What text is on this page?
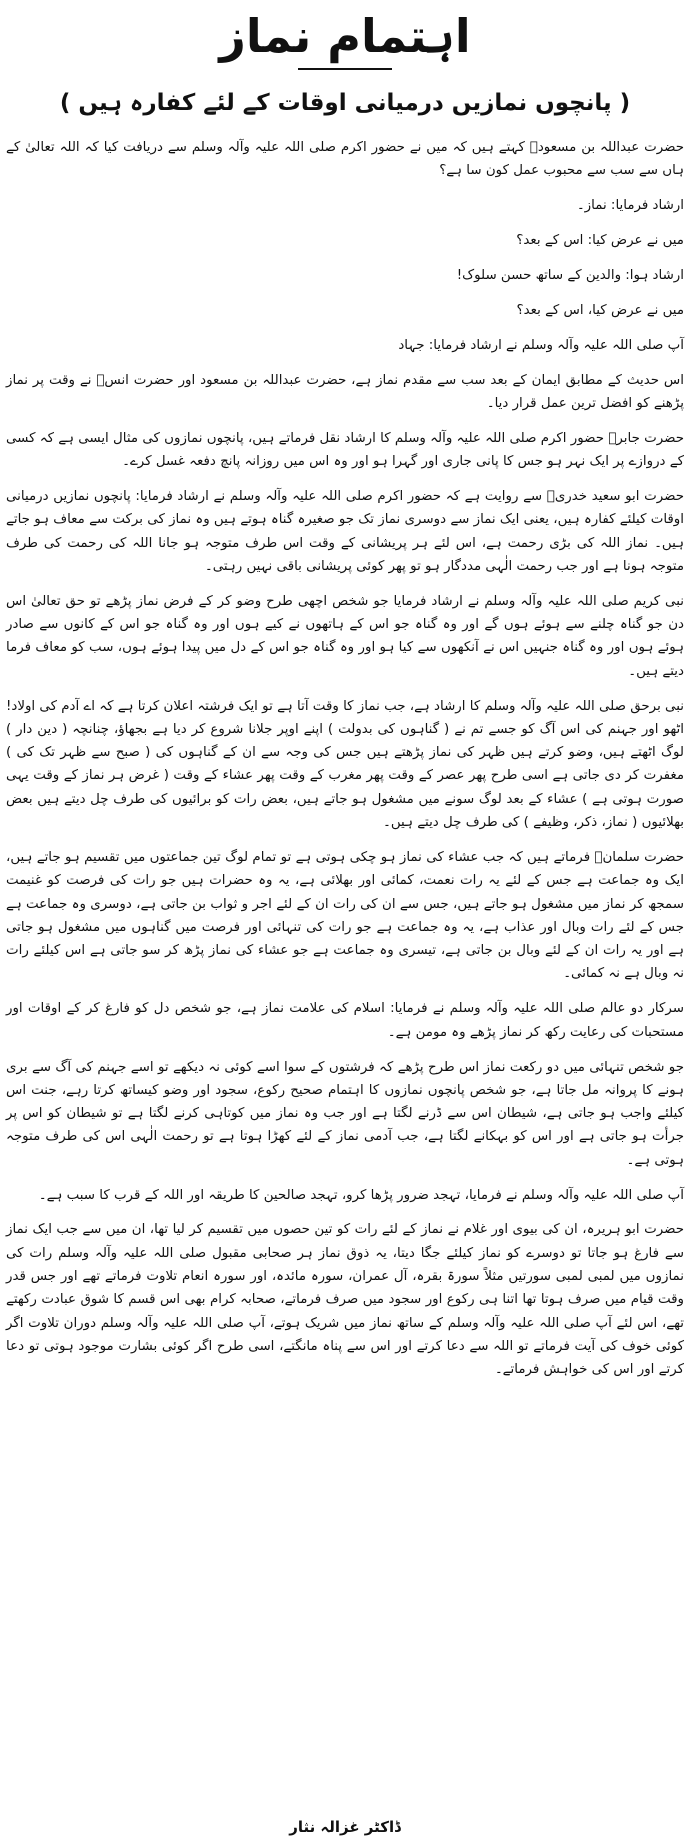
اہتمام نماز
( پانچوں نمازیں درمیانی اوقات کے لئے کفارہ ہیں )

حضرت عبداللہ بن مسعودؓ کہتے ہیں کہ میں نے حضور اکرم صلی اللہ علیہ وآلہ وسلم سے دریافت کیا کہ اللہ تعالیٰ کے ہاں سے سب سے محبوب عمل کون سا ہے؟

ارشاد فرمایا: نماز۔

میں نے عرض کیا: اس کے بعد؟

ارشاد ہوا: والدین کے ساتھ حسن سلوک!

میں نے عرض کیا، اس کے بعد؟

آپ صلی اللہ علیہ وآلہ وسلم نے ارشاد فرمایا: جہاد

اس حدیث کے مطابق ایمان کے بعد سب سے مقدم نماز ہے، حضرت عبداللہ بن مسعود اور حضرت انسؓ نے وقت پر نماز پڑھنے کو افضل ترین عمل قرار دیا۔

حضرت جابرؓ حضور اکرم صلی اللہ علیہ وآلہ وسلم کا ارشاد نقل فرماتے ہیں، پانچوں نمازوں کی مثال ایسی ہے کہ کسی کے دروازے پر ایک نہر ہو جس کا پانی جاری اور گہرا ہو اور وہ اس میں روزانہ پانچ دفعہ غسل کرے۔

حضرت ابو سعید خدریؓ سے روایت ہے کہ حضور اکرم صلی اللہ علیہ وآلہ وسلم نے ارشاد فرمایا: پانچوں نمازیں درمیانی اوقات کیلئے کفارہ ہیں، یعنی ایک نماز سے دوسری نماز تک جو صغیرہ گناہ ہوتے ہیں وہ نماز کی برکت سے معاف ہو جاتے ہیں۔ نماز اللہ کی بڑی رحمت ہے، اس لئے ہر پریشانی کے وقت اس طرف متوجہ ہو جانا اللہ کی رحمت کی طرف متوجہ ہونا ہے اور جب رحمت الٰہی مددگار ہو تو پھر کوئی پریشانی باقی نہیں رہتی۔

نبی کریم صلی اللہ علیہ وآلہ وسلم نے ارشاد فرمایا جو شخص اچھی طرح وضو کر کے فرض نماز پڑھے تو حق تعالیٰ اس دن جو گناہ چلنے سے ہوئے ہوں گے اور وہ گناہ جو اس کے ہاتھوں نے کیے ہوں اور وہ گناہ جو اس کے کانوں سے صادر ہوئے ہوں اور وہ گناہ جنہیں اس نے آنکھوں سے کیا ہو اور وہ گناہ جو اس کے دل میں پیدا ہوئے ہوں، سب کو معاف فرما دیتے ہیں۔

نبی برحق صلی اللہ علیہ وآلہ وسلم کا ارشاد ہے، جب نماز کا وقت آتا ہے تو ایک فرشتہ اعلان کرتا ہے کہ اے آدم کی اولاد! اٹھو اور جہنم کی اس آگ کو جسے تم نے ( گناہوں کی بدولت ) اپنے اوپر جلانا شروع کر دیا ہے بجھاؤ، چنانچہ ( دین دار ) لوگ اٹھتے ہیں، وضو کرتے ہیں ظہر کی نماز پڑھتے ہیں جس کی وجہ سے ان کے گناہوں کی ( صبح سے ظہر تک کی ) مغفرت کر دی جاتی ہے اسی طرح پھر عصر کے وقت پھر مغرب کے وقت پھر عشاء کے وقت ( غرض ہر نماز کے وقت یہی صورت ہوتی ہے ) عشاء کے بعد لوگ سونے میں مشغول ہو جاتے ہیں، بعض رات کو برائیوں کی طرف چل دیتے ہیں بعض بھلائیوں ( نماز، ذکر، وظیفے ) کی طرف چل دیتے ہیں۔

حضرت سلمانؓ فرماتے ہیں کہ جب عشاء کی نماز ہو چکی ہوتی ہے تو تمام لوگ تین جماعتوں میں تقسیم ہو جاتے ہیں، ایک وہ جماعت ہے جس کے لئے یہ رات نعمت، کمائی اور بھلائی ہے، یہ وہ حضرات ہیں جو رات کی فرصت کو غنیمت سمجھ کر نماز میں مشغول ہو جاتے ہیں، جس سے ان کی رات ان کے لئے اجر و ثواب بن جاتی ہے، دوسری وہ جماعت ہے جس کے لئے رات وبال اور عذاب ہے، یہ وہ جماعت ہے جو رات کی تنہائی اور فرصت میں گناہوں میں مشغول ہو جاتی ہے اور یہ رات ان کے لئے وبال بن جاتی ہے، تیسری وہ جماعت ہے جو عشاء کی نماز پڑھ کر سو جاتی ہے اس کیلئے رات نہ وبال ہے نہ کمائی۔

سرکار دو عالم صلی اللہ علیہ وآلہ وسلم نے فرمایا: اسلام کی علامت نماز ہے، جو شخص دل کو فارغ کر کے اوقات اور مستحبات کی رعایت رکھ کر نماز پڑھے وہ مومن ہے۔

جو شخص تنہائی میں دو رکعت نماز اس طرح پڑھے کہ فرشتوں کے سوا اسے کوئی نہ دیکھے تو اسے جہنم کی آگ سے بری ہونے کا پروانہ مل جاتا ہے، جو شخص پانچوں نمازوں کا اہتمام صحیح رکوع، سجود اور وضو کیساتھ کرتا رہے، جنت اس کیلئے واجب ہو جاتی ہے، شیطان اس سے ڈرنے لگتا ہے اور جب وہ نماز میں کوتاہی کرنے لگتا ہے تو شیطان کو اس پر جرأت ہو جاتی ہے اور اس کو بہکانے لگتا ہے، جب آدمی نماز کے لئے کھڑا ہوتا ہے تو رحمت الٰہی اس کی طرف متوجہ ہوتی ہے۔

آپ صلی اللہ علیہ وآلہ وسلم نے فرمایا، تہجد ضرور پڑھا کرو، تہجد صالحین کا طریقہ اور اللہ کے قرب کا سبب ہے۔

حضرت ابو ہریرہ، ان کی بیوی اور غلام نے نماز کے لئے رات کو تین حصوں میں تقسیم کر لیا تھا، ان میں سے جب ایک نماز سے فارغ ہو جاتا تو دوسرے کو نماز کیلئے جگا دیتا، یہ ذوق نماز ہر صحابی مقبول صلی اللہ علیہ وآلہ وسلم رات کی نمازوں میں لمبی لمبی سورتیں مثلاً سورۃ بقرہ، آل عمران، سورہ مائدہ، اور سورہ انعام تلاوت فرماتے تھے اور جس قدر وقت قیام میں صرف ہوتا تھا اتنا ہی رکوع اور سجود میں صرف فرماتے، صحابہ کرام بھی اس قسم کا شوق عبادت رکھتے تھے، اس لئے آپ صلی اللہ علیہ وآلہ وسلم کے ساتھ نماز میں شریک ہوتے، آپ صلی اللہ علیہ وآلہ وسلم دوران تلاوت اگر کوئی خوف کی آیت فرماتے تو اللہ سے دعا کرتے اور اس سے پناہ مانگتے، اسی طرح اگر کوئی بشارت موجود ہوتی تو دعا کرتے اور اس کی خواہش فرماتے۔

ڈاکٹر غزالہ نثار
